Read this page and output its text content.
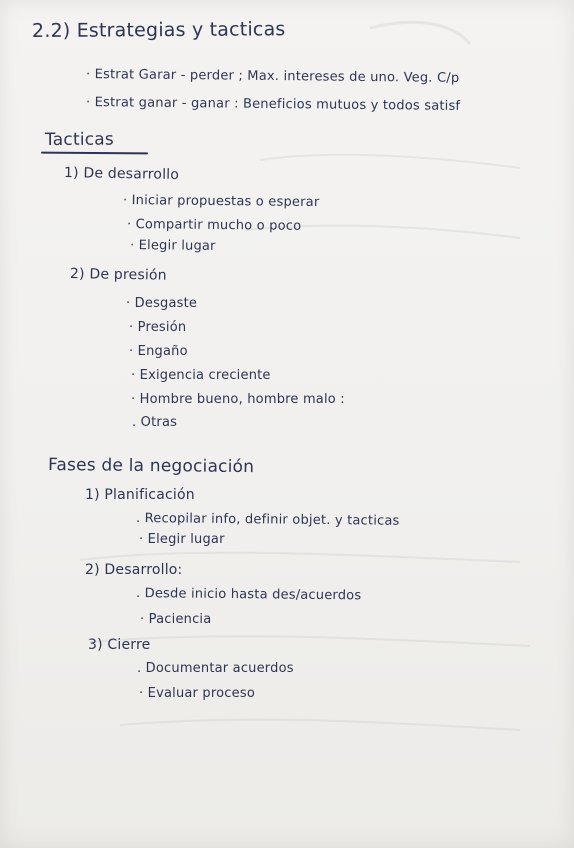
2.2) Estrategias y tacticas
· Estrat Garar - perder ; Max. intereses de uno. Veg. C/p
· Estrat ganar - ganar : Beneficios mutuos y todos satisf
Tacticas
1) De desarrollo
· Iniciar propuestas o esperar
· Compartir mucho o poco
· Elegir lugar
2) De presión
· Desgaste
· Presión
· Engaño
· Exigencia creciente
· Hombre bueno, hombre malo :
. Otras
Fases de la negociación
1) Planificación
. Recopilar info, definir objet. y tacticas
· Elegir lugar
2) Desarrollo:
. Desde inicio hasta des/acuerdos
· Paciencia
3) Cierre
. Documentar acuerdos
· Evaluar proceso
